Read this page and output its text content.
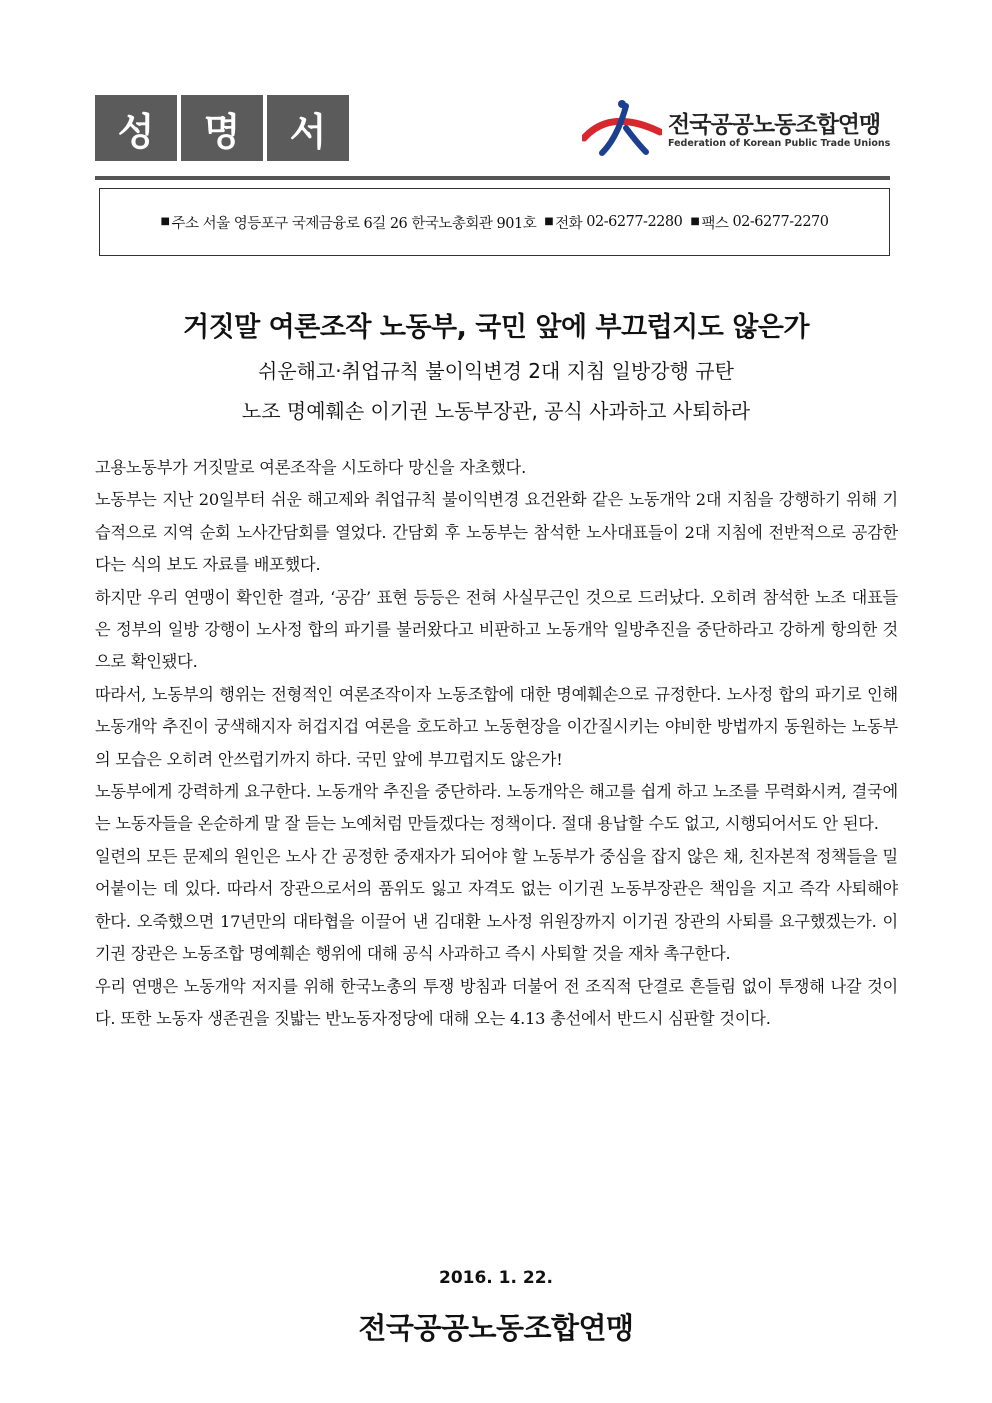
성	명	서	전국공공노동조합연맹
Federation of Korean Public Trade Unions
■ 주소
서울 영등포구 국제금융로 6길 26 한국노총회관 901호 ■ 전화
02-6277-2280 ■ 팩스
02-6277-2270
거짓말 여론조작 노동부, 국민 앞에 부끄럽지도 않은가
쉬운해고·취업규칙 불이익변경 2대 지침 일방강행 규탄
노조 명예훼손 이기권 노동부장관, 공식 사과하고 사퇴하라

고용노동부가 거짓말로 여론조작을 시도하다 망신을 자초했다.

노동부는 지난 20일부터 쉬운 해고제와 취업규칙 불이익변경 요건완화 같은 노동개악 2대 지침을 강행하기 위해 기습적으로 지역 순회 노사간담회를 열었다. 간담회 후 노동부는 참석한 노사대표들이 2대 지침에 전반적으로 공감한다는 식의 보도 자료를 배포했다.

하지만 우리 연맹이 확인한 결과, ‘공감’ 표현 등등은 전혀 사실무근인 것으로 드러났다. 오히려 참석한 노조 대표들은 정부의 일방 강행이 노사정 합의 파기를 불러왔다고 비판하고 노동개악 일방추진을 중단하라고 강하게 항의한 것으로 확인됐다.

따라서, 노동부의 행위는 전형적인 여론조작이자 노동조합에 대한 명예훼손으로 규정한다. 노사정 합의 파기로 인해 노동개악 추진이 궁색해지자 허겁지겁 여론을 호도하고 노동현장을 이간질시키는 야비한 방법까지 동원하는 노동부의 모습은 오히려 안쓰럽기까지 하다. 국민 앞에 부끄럽지도 않은가!

노동부에게 강력하게 요구한다. 노동개악 추진을 중단하라. 노동개악은 해고를 쉽게 하고 노조를 무력화시켜, 결국에는 노동자들을 온순하게 말 잘 듣는 노예처럼 만들겠다는 정책이다. 절대 용납할 수도 없고, 시행되어서도 안 된다.

일련의 모든 문제의 원인은 노사 간 공정한 중재자가 되어야 할 노동부가 중심을 잡지 않은 채, 친자본적 정책들을 밀어붙이는 데 있다. 따라서 장관으로서의 품위도 잃고 자격도 없는 이기권 노동부장관은 책임을 지고 즉각 사퇴해야 한다. 오죽했으면 17년만의 대타협을 이끌어 낸 김대환 노사정 위원장까지 이기권 장관의 사퇴를 요구했겠는가. 이기권 장관은 노동조합 명예훼손 행위에 대해 공식 사과하고 즉시 사퇴할 것을 재차 촉구한다.

우리 연맹은 노동개악 저지를 위해 한국노총의 투쟁 방침과 더불어 전 조직적 단결로 흔들림 없이 투쟁해 나갈 것이다. 또한 노동자 생존권을 짓밟는 반노동자정당에 대해 오는 4.13 총선에서 반드시 심판할 것이다.

2016. 1. 22.
전국공공노동조합연맹
